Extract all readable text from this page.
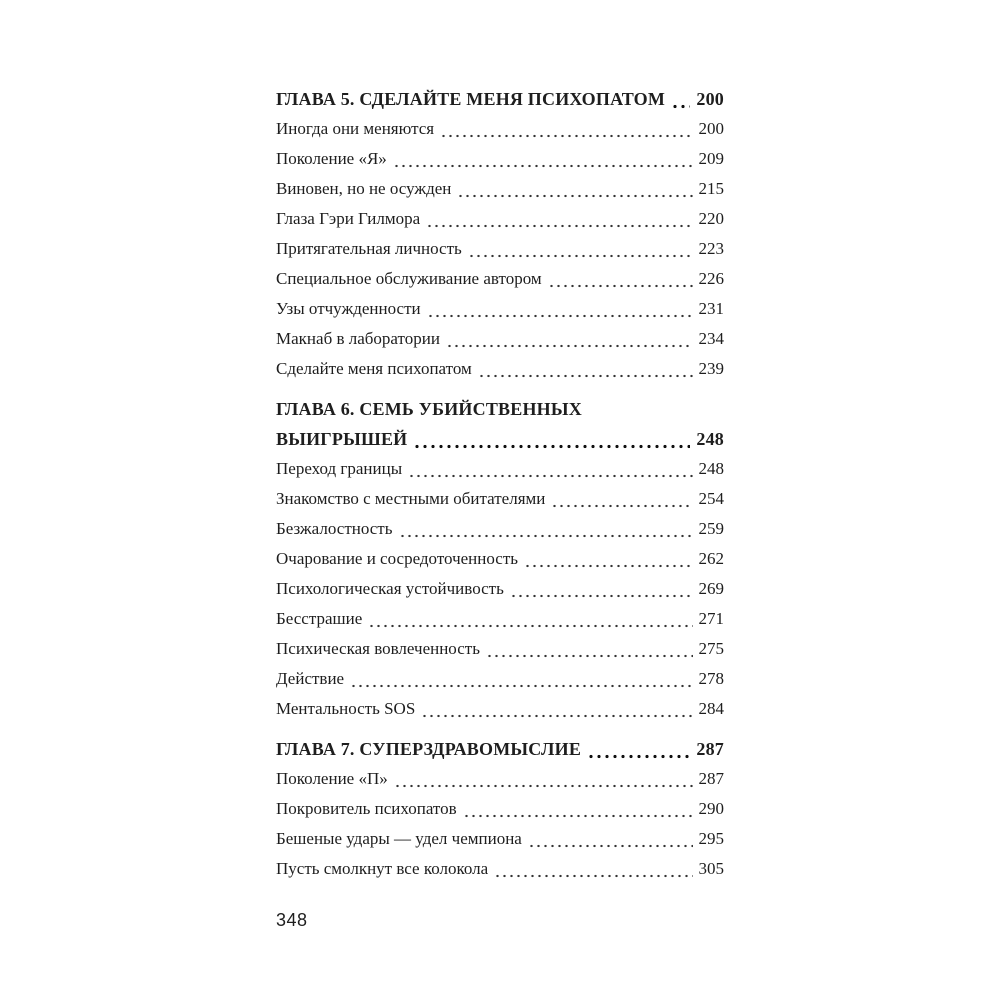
ГЛАВА 5. СДЕЛАЙТЕ МЕНЯ ПСИХОПАТОМ 200
Иногда они меняются	200
Поколение «Я»	209
Виновен, но не осужден	215
Глаза Гэри Гилмора	220
Притягательная личность	223
Специальное обслуживание автором	226
Узы отчужденности	231
Макнаб в лаборатории	234
Сделайте меня психопатом	239
ГЛАВА 6. СЕМЬ УБИЙСТВЕННЫХ
ВЫИГРЫШЕЙ	248
Переход границы	248
Знакомство с местными обитателями	254
Безжалостность	259
Очарование и сосредоточенность	262
Психологическая устойчивость	269
Бесстрашие	271
Психическая вовлеченность	275
Действие	278
Ментальность SOS	284
ГЛАВА 7. СУПЕРЗДРАВОМЫСЛИЕ	287
Поколение «П»	287
Покровитель психопатов	290
Бешеные удары — удел чемпиона	295
Пусть смолкнут все колокола	305
348
